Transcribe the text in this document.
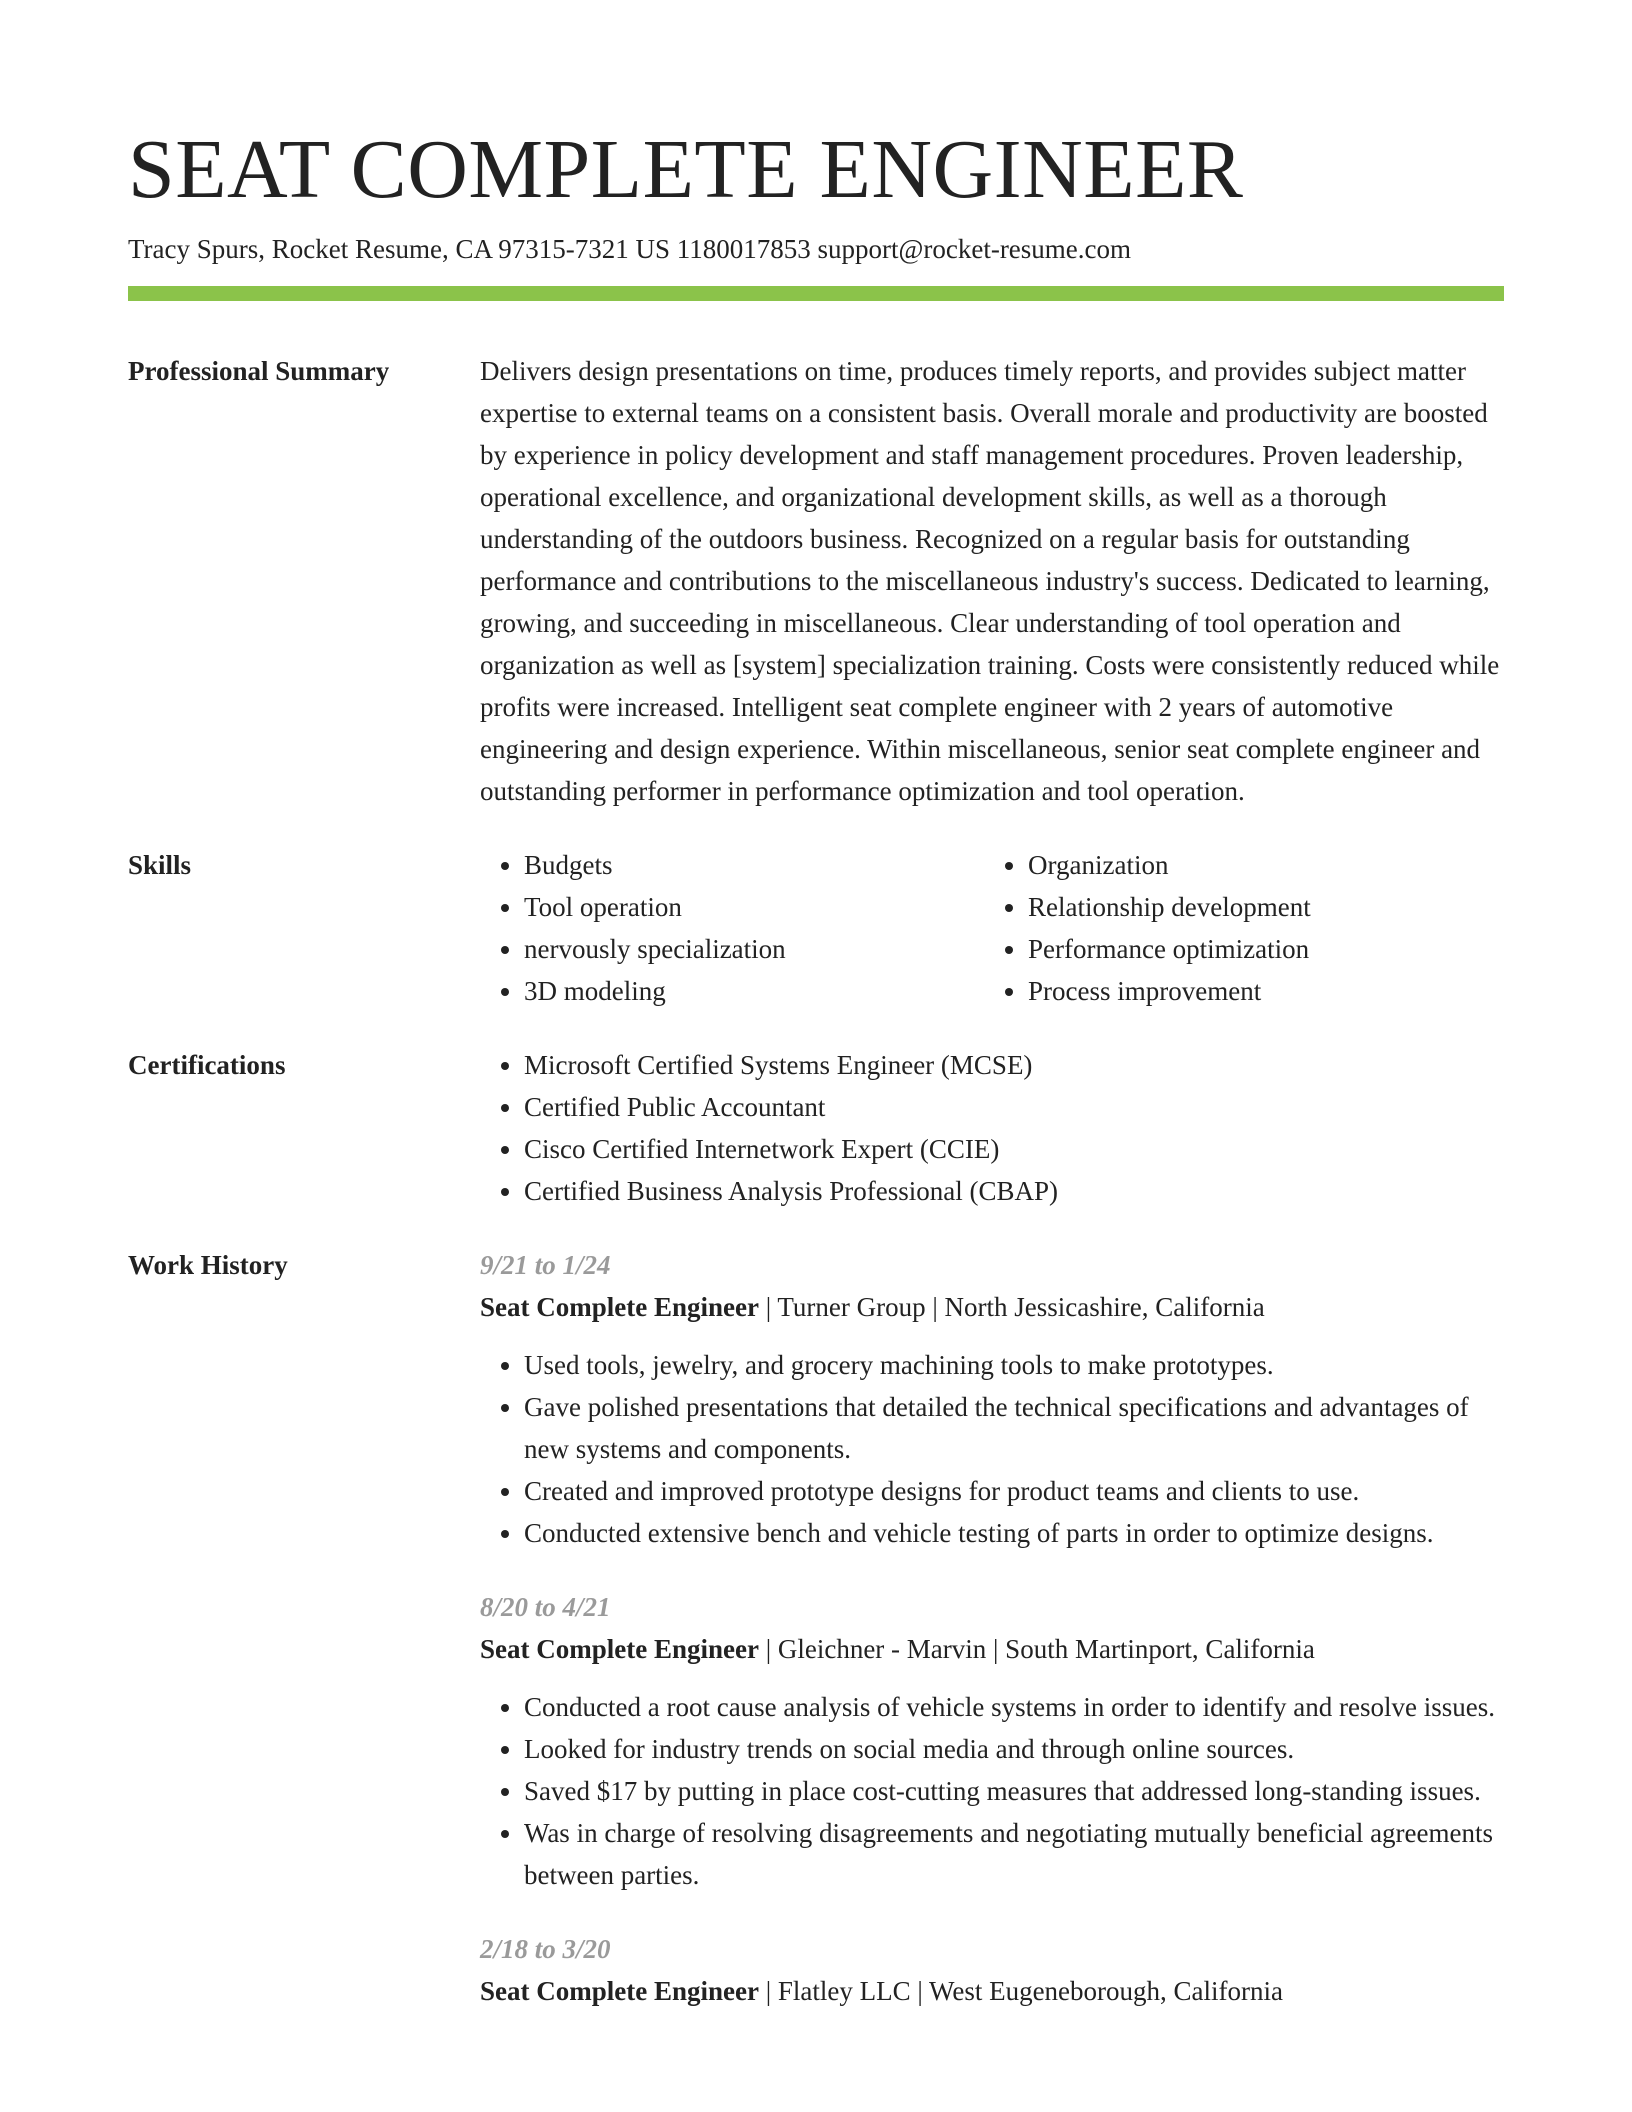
SEAT COMPLETE ENGINEER
Tracy Spurs, Rocket Resume, CA 97315-7321 US 1180017853 support@rocket-resume.com
Professional Summary	Delivers design presentations on time, produces timely reports, and provides subject matter expertise to external teams on a consistent basis. Overall morale and productivity are boosted by experience in policy development and staff management procedures. Proven leadership, operational excellence, and organizational development skills, as well as a thorough understanding of the outdoors business. Recognized on a regular basis for outstanding performance and contributions to the miscellaneous industry's success. Dedicated to learning, growing, and succeeding in miscellaneous. Clear understanding of tool operation and organization as well as [system] specialization training. Costs were consistently reduced while profits were increased. Intelligent seat complete engineer with 2 years of automotive engineering and design experience. Within miscellaneous, senior seat complete engineer and outstanding performer in performance optimization and tool operation.

Skills	• Budgets
• Tool operation
• nervously specialization
• 3D modeling
• Organization
• Relationship development
• Performance optimization
• Process improvement
Certifications	• Microsoft Certified Systems Engineer (MCSE)
• Certified Public Accountant
• Cisco Certified Internetwork Expert (CCIE)
• Certified Business Analysis Professional (CBAP)
Work History	9/21 to 1/24
Seat Complete Engineer | Turner Group | North Jessicashire, California
• Used tools, jewelry, and grocery machining tools to make prototypes.
• Gave polished presentations that detailed the technical specifications and advantages of new systems and components.
• Created and improved prototype designs for product teams and clients to use.
• Conducted extensive bench and vehicle testing of parts in order to optimize designs.
8/20 to 4/21
Seat Complete Engineer | Gleichner - Marvin | South Martinport, California
• Conducted a root cause analysis of vehicle systems in order to identify and resolve issues.
• Looked for industry trends on social media and through online sources.
• Saved $17 by putting in place cost-cutting measures that addressed long-standing issues.
• Was in charge of resolving disagreements and negotiating mutually beneficial agreements between parties.
2/18 to 3/20
Seat Complete Engineer | Flatley LLC | West Eugeneborough, California
